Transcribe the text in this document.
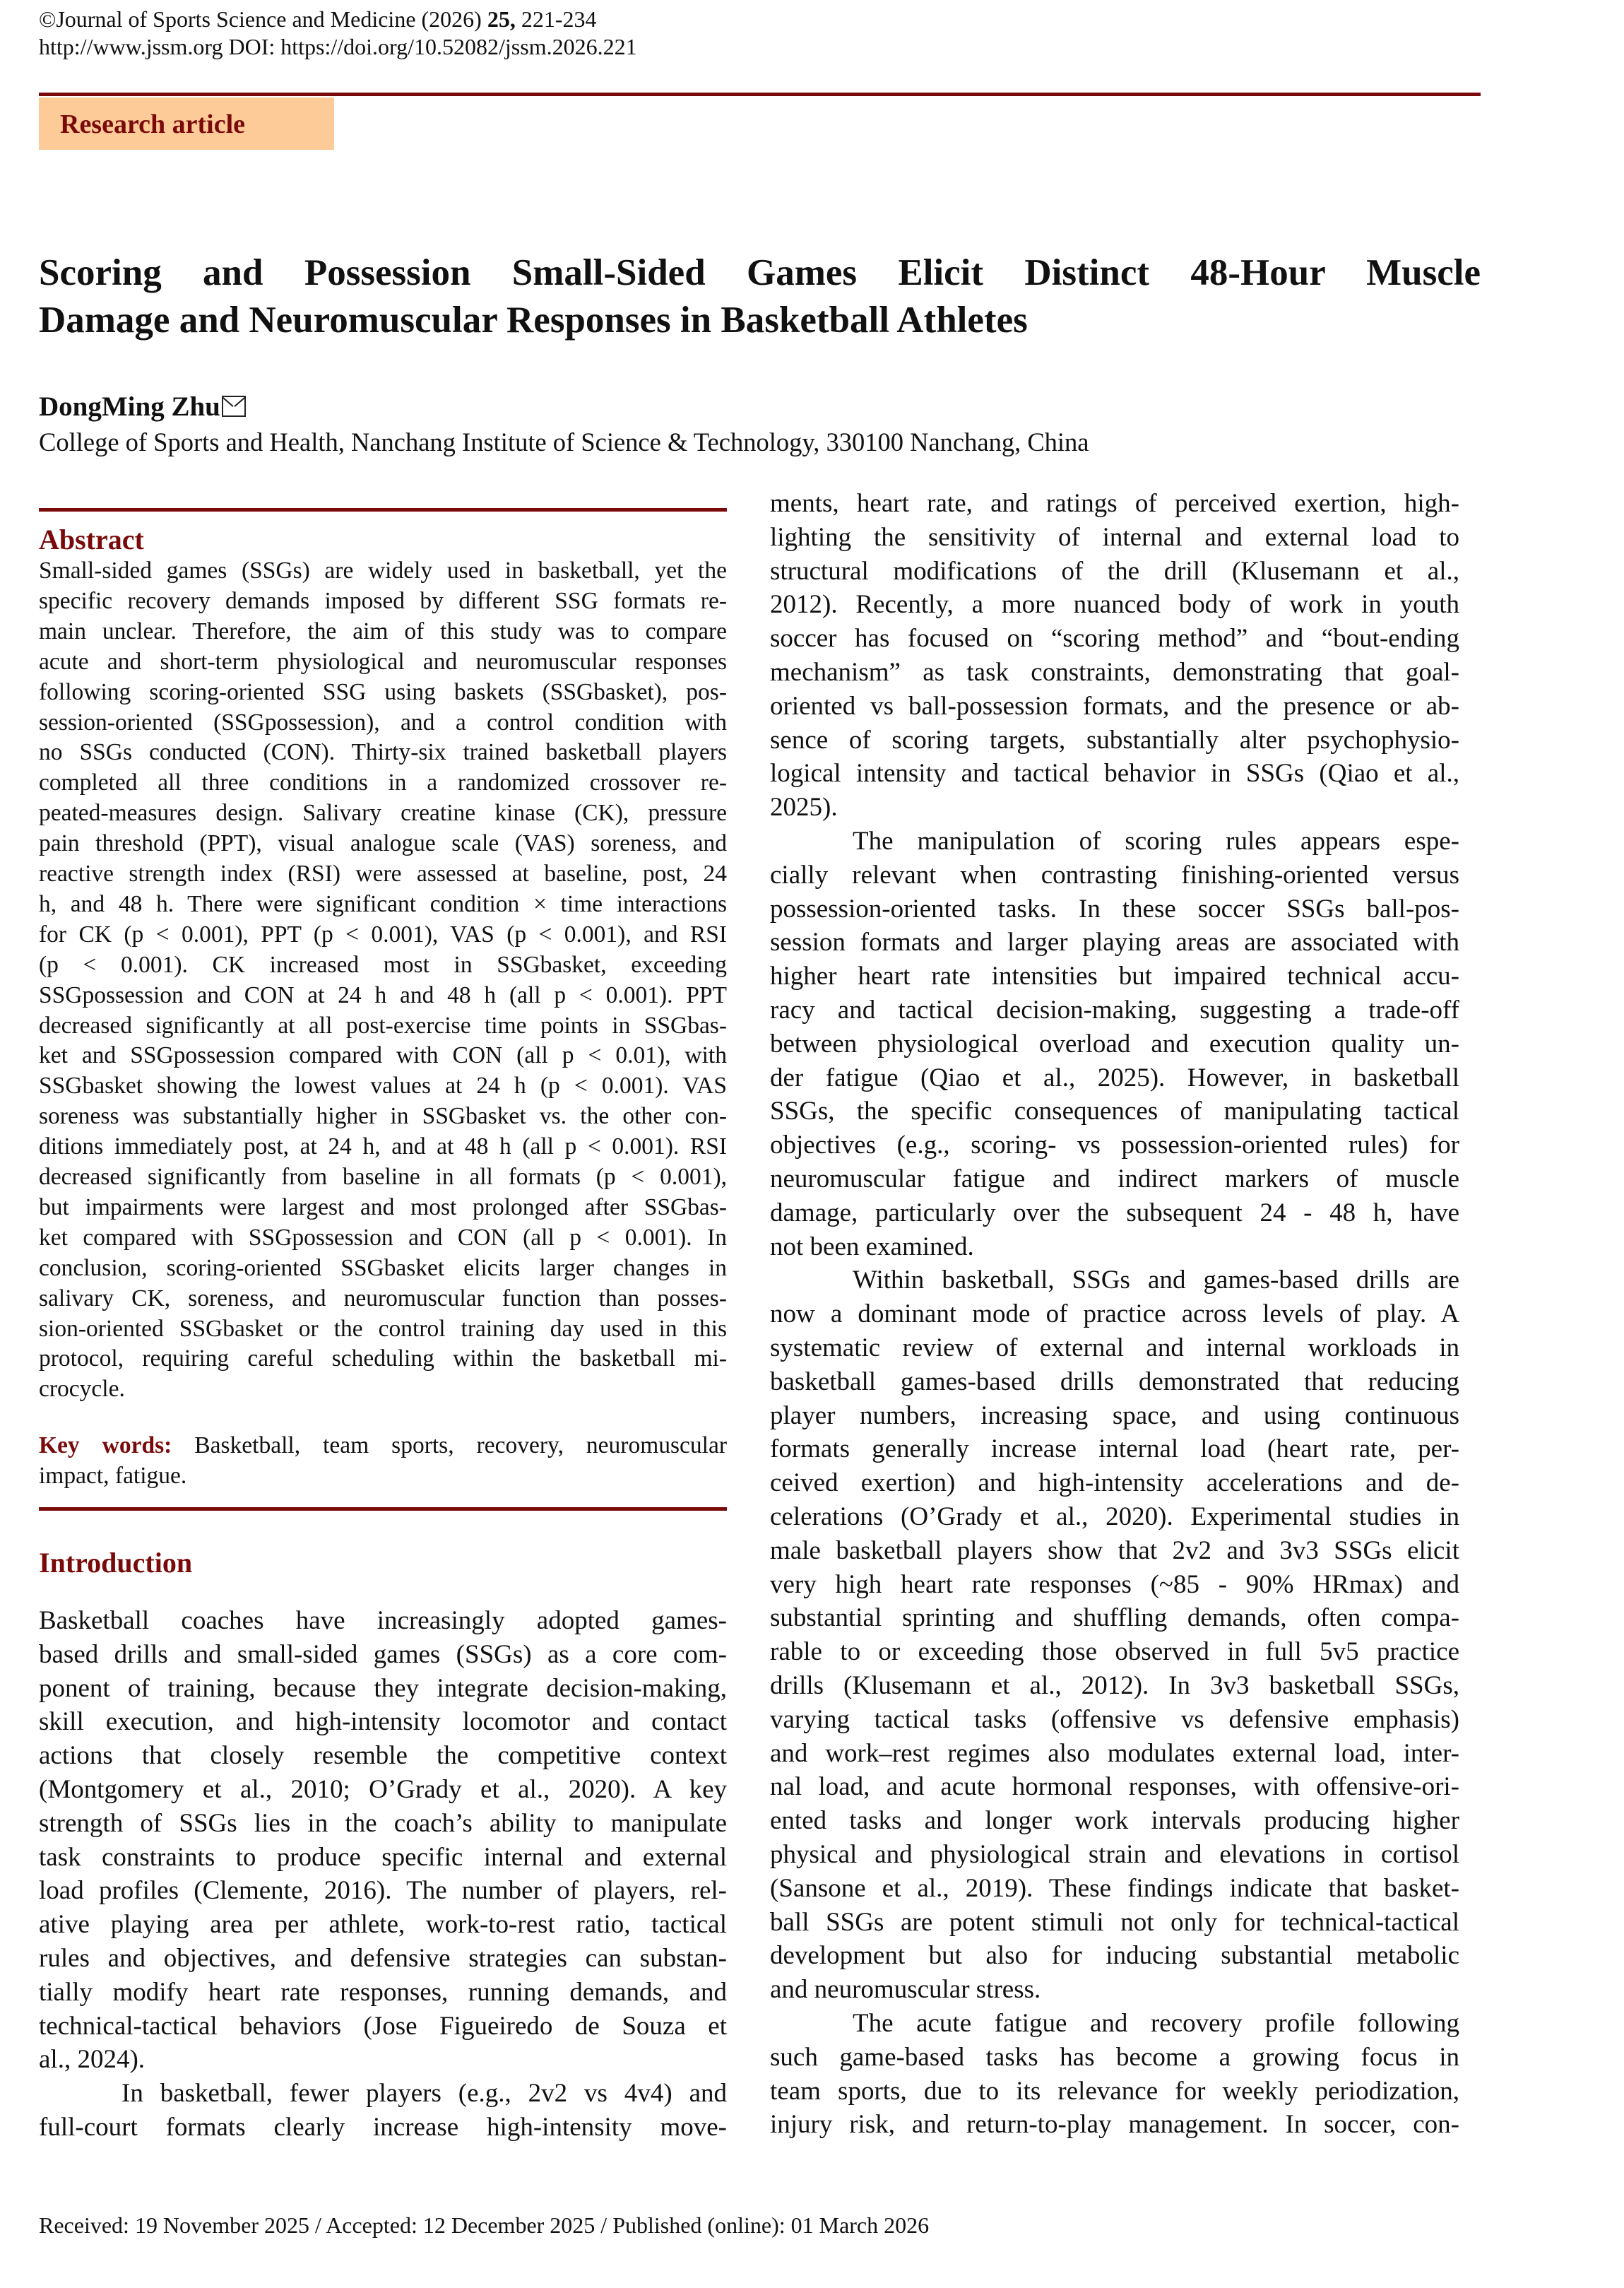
©Journal of Sports Science and Medicine (2026) 25, 221-234
http://www.jssm.org DOI: https://doi.org/10.52082/jssm.2026.221
Research article
Scoring and Possession Small-Sided Games Elicit Distinct 48-Hour Muscle
Damage and Neuromuscular Responses in Basketball Athletes
DongMing Zhu
College of Sports and Health, Nanchang Institute of Science & Technology, 330100 Nanchang, China
Abstract
Small-sided games (SSGs) are widely used in basketball, yet the
specific recovery demands imposed by different SSG formats re-
main unclear. Therefore, the aim of this study was to compare
acute and short-term physiological and neuromuscular responses
following scoring-oriented SSG using baskets (SSGbasket), pos-
session-oriented (SSGpossession), and a control condition with
no SSGs conducted (CON). Thirty-six trained basketball players
completed all three conditions in a randomized crossover re-
peated-measures design. Salivary creatine kinase (CK), pressure
pain threshold (PPT), visual analogue scale (VAS) soreness, and
reactive strength index (RSI) were assessed at baseline, post, 24
h, and 48 h. There were significant condition × time interactions
for CK (p < 0.001), PPT (p < 0.001), VAS (p < 0.001), and RSI
(p < 0.001). CK increased most in SSGbasket, exceeding
SSGpossession and CON at 24 h and 48 h (all p < 0.001). PPT
decreased significantly at all post-exercise time points in SSGbas-
ket and SSGpossession compared with CON (all p < 0.01), with
SSGbasket showing the lowest values at 24 h (p < 0.001). VAS
soreness was substantially higher in SSGbasket vs. the other con-
ditions immediately post, at 24 h, and at 48 h (all p < 0.001). RSI
decreased significantly from baseline in all formats (p < 0.001),
but impairments were largest and most prolonged after SSGbas-
ket compared with SSGpossession and CON (all p < 0.001). In
conclusion, scoring-oriented SSGbasket elicits larger changes in
salivary CK, soreness, and neuromuscular function than posses-
sion-oriented SSGbasket or the control training day used in this
protocol, requiring careful scheduling within the basketball mi-
crocycle.
Key words: Basketball, team sports, recovery, neuromuscular
impact, fatigue.
Introduction
Basketball coaches have increasingly adopted games-
based drills and small-sided games (SSGs) as a core com-
ponent of training, because they integrate decision-making,
skill execution, and high-intensity locomotor and contact
actions that closely resemble the competitive context
(Montgomery et al., 2010; O’Grady et al., 2020). A key
strength of SSGs lies in the coach’s ability to manipulate
task constraints to produce specific internal and external
load profiles (Clemente, 2016). The number of players, rel-
ative playing area per athlete, work-to-rest ratio, tactical
rules and objectives, and defensive strategies can substan-
tially modify heart rate responses, running demands, and
technical-tactical behaviors (Jose Figueiredo de Souza et
al., 2024).
In basketball, fewer players (e.g., 2v2 vs 4v4) and
full-court formats clearly increase high-intensity move-
ments, heart rate, and ratings of perceived exertion, high-
lighting the sensitivity of internal and external load to
structural modifications of the drill (Klusemann et al.,
2012). Recently, a more nuanced body of work in youth
soccer has focused on “scoring method” and “bout-ending
mechanism” as task constraints, demonstrating that goal-
oriented vs ball-possession formats, and the presence or ab-
sence of scoring targets, substantially alter psychophysio-
logical intensity and tactical behavior in SSGs (Qiao et al.,
2025).
The manipulation of scoring rules appears espe-
cially relevant when contrasting finishing-oriented versus
possession-oriented tasks. In these soccer SSGs ball-pos-
session formats and larger playing areas are associated with
higher heart rate intensities but impaired technical accu-
racy and tactical decision-making, suggesting a trade-off
between physiological overload and execution quality un-
der fatigue (Qiao et al., 2025). However, in basketball
SSGs, the specific consequences of manipulating tactical
objectives (e.g., scoring- vs possession-oriented rules) for
neuromuscular fatigue and indirect markers of muscle
damage, particularly over the subsequent 24 - 48 h, have
not been examined.
Within basketball, SSGs and games-based drills are
now a dominant mode of practice across levels of play. A
systematic review of external and internal workloads in
basketball games-based drills demonstrated that reducing
player numbers, increasing space, and using continuous
formats generally increase internal load (heart rate, per-
ceived exertion) and high-intensity accelerations and de-
celerations (O’Grady et al., 2020). Experimental studies in
male basketball players show that 2v2 and 3v3 SSGs elicit
very high heart rate responses (~85 - 90% HRmax) and
substantial sprinting and shuffling demands, often compa-
rable to or exceeding those observed in full 5v5 practice
drills (Klusemann et al., 2012). In 3v3 basketball SSGs,
varying tactical tasks (offensive vs defensive emphasis)
and work–rest regimes also modulates external load, inter-
nal load, and acute hormonal responses, with offensive-ori-
ented tasks and longer work intervals producing higher
physical and physiological strain and elevations in cortisol
(Sansone et al., 2019). These findings indicate that basket-
ball SSGs are potent stimuli not only for technical-tactical
development but also for inducing substantial metabolic
and neuromuscular stress.
The acute fatigue and recovery profile following
such game-based tasks has become a growing focus in
team sports, due to its relevance for weekly periodization,
injury risk, and return-to-play management. In soccer, con-
Received: 19 November 2025 / Accepted: 12 December 2025 / Published (online): 01 March 2026
